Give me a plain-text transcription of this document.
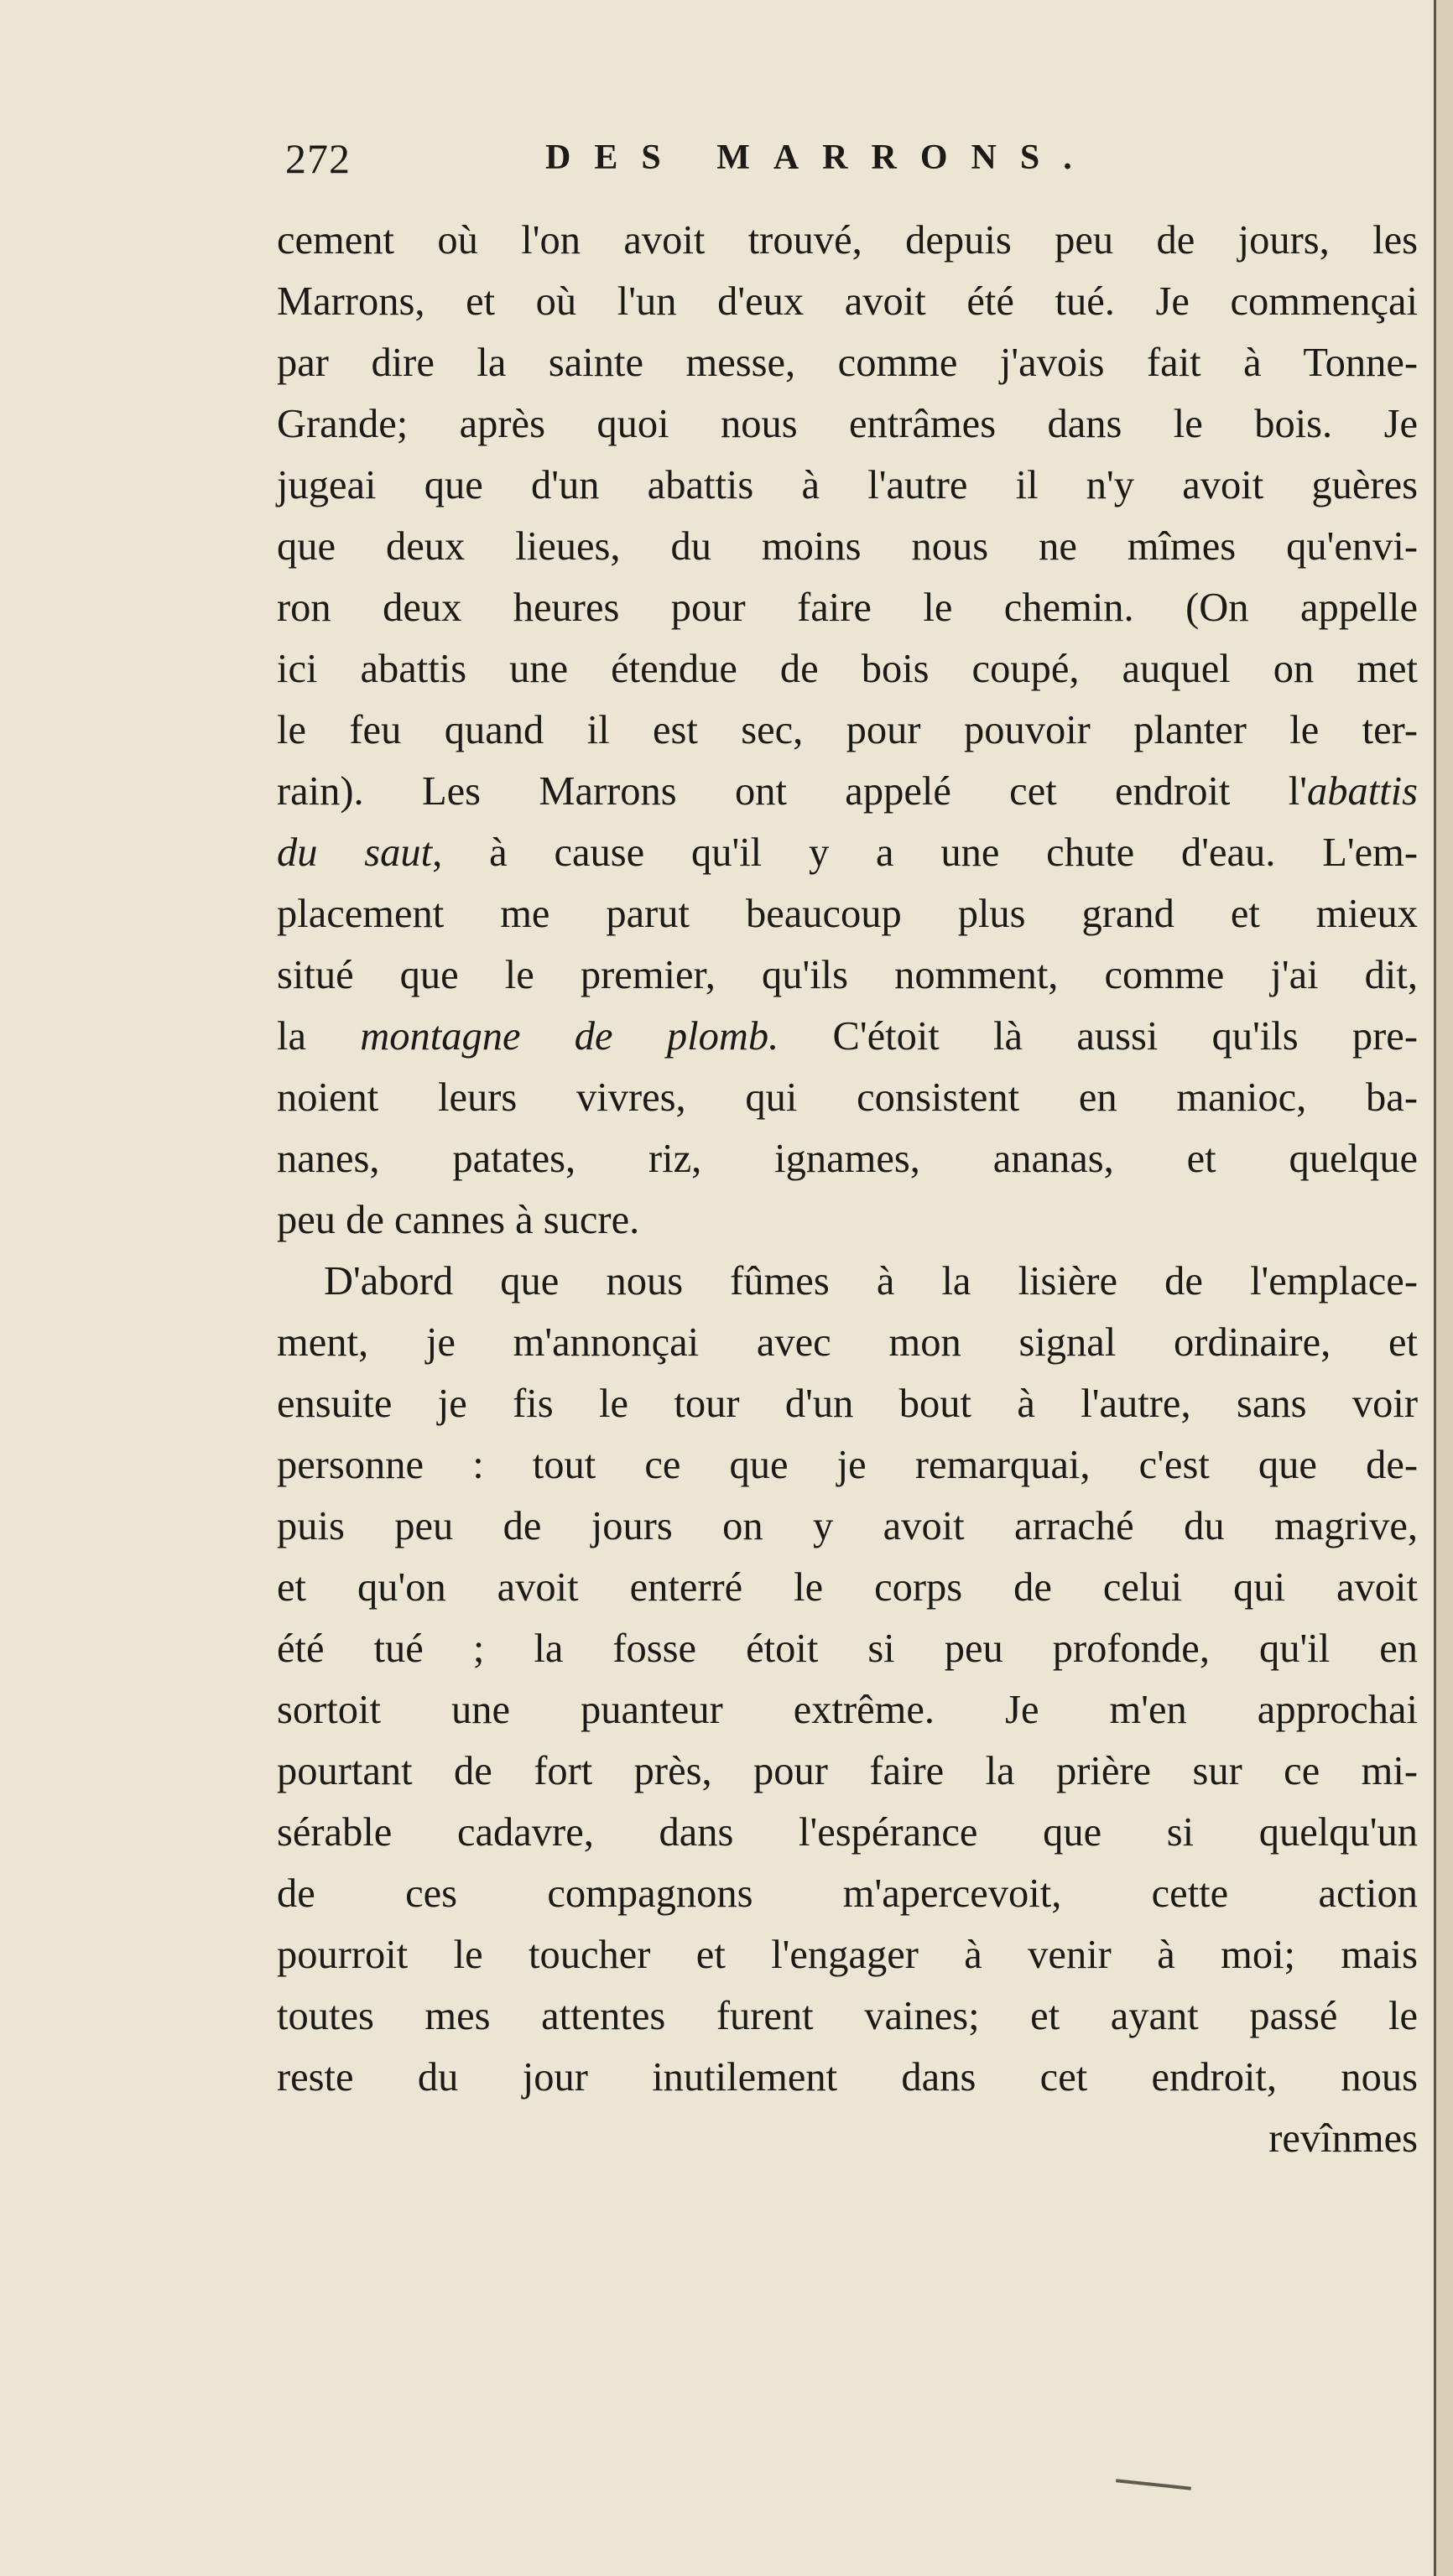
272	DES MARRONS.
cement où l'on avoit trouvé, depuis peu de jours, les
Marrons, et où l'un d'eux avoit été tué. Je commençai
par dire la sainte messe, comme j'avois fait à Tonne-
Grande; après quoi nous entrâmes dans le bois. Je
jugeai que d'un abattis à l'autre il n'y avoit guères
que deux lieues, du moins nous ne mîmes qu'envi-
ron deux heures pour faire le chemin. (On appelle
ici abattis une étendue de bois coupé, auquel on met
le feu quand il est sec, pour pouvoir planter le ter-
rain). Les Marrons ont appelé cet endroit l'abattis
du saut, à cause qu'il y a une chute d'eau. L'em-
placement me parut beaucoup plus grand et mieux
situé que le premier, qu'ils nomment, comme j'ai dit,
la montagne de plomb. C'étoit là aussi qu'ils pre-
noient leurs vivres, qui consistent en manioc, ba-
nanes, patates, riz, ignames, ananas, et quelque
peu de cannes à sucre.
D'abord que nous fûmes à la lisière de l'emplace-
ment, je m'annonçai avec mon signal ordinaire, et
ensuite je fis le tour d'un bout à l'autre, sans voir
personne : tout ce que je remarquai, c'est que de-
puis peu de jours on y avoit arraché du magrive,
et qu'on avoit enterré le corps de celui qui avoit
été tué ; la fosse étoit si peu profonde, qu'il en
sortoit une puanteur extrême. Je m'en approchai
pourtant de fort près, pour faire la prière sur ce mi-
sérable cadavre, dans l'espérance que si quelqu'un
de ces compagnons m'apercevoit, cette action
pourroit le toucher et l'engager à venir à moi; mais
toutes mes attentes furent vaines; et ayant passé le
reste du jour inutilement dans cet endroit, nous
revînmes
